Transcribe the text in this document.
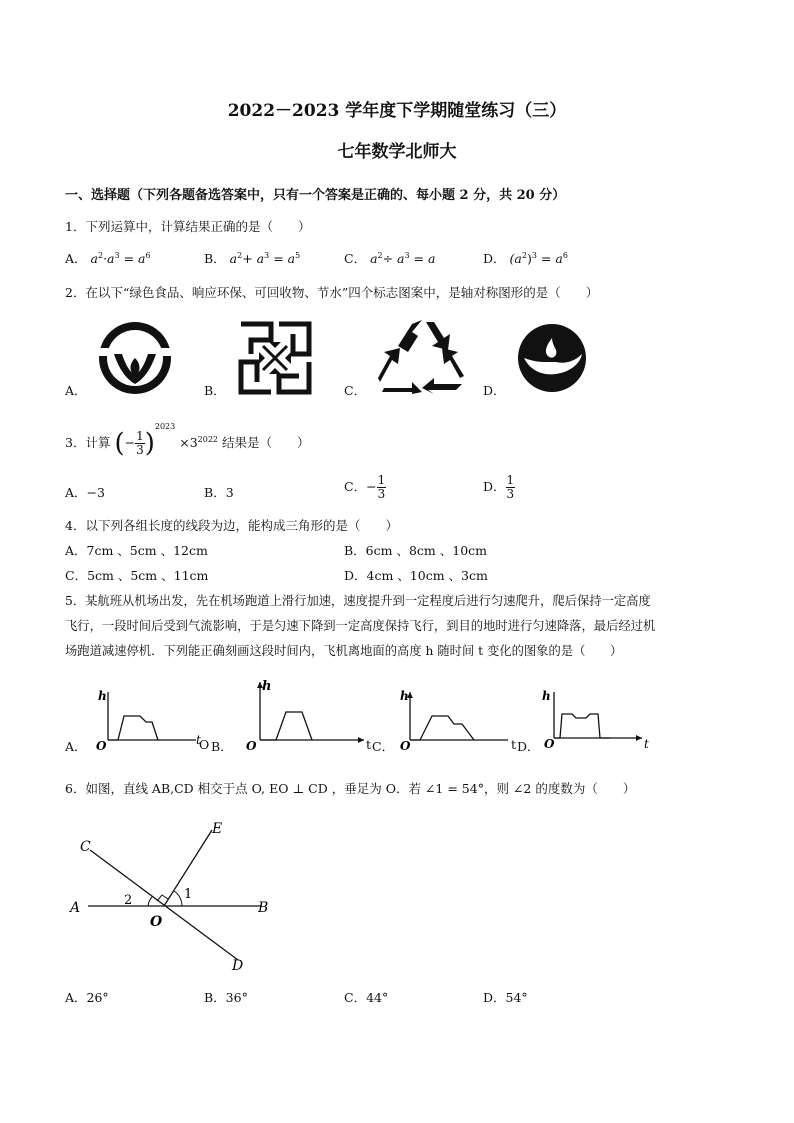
2022－2023 学年度下学期随堂练习（三）
七年数学北师大
一、选择题（下列各题备选答案中，只有一个答案是正确的、每小题 2 分，共 20 分）
1．下列运算中，计算结果正确的是（　　）
A． $a^2\cdot a^3 = a^6$	B． $a^2+ a^3 = a^5$	C． $a^2\div a^3 = a$	D． $(a^2)^3 = a^6$
2．在以下“绿色食品、响应环保、可回收物、节水”四个标志图案中，是轴对称图形的是（　　）
A．	B．	C．	D．
3．计算 (− $\frac{1}{3} )^{2023} \times 3^{2022}$ 结果是（　　）
A．−3	B．3	C．− $\frac{1}{3}$	D． $\frac{1}{3}$
4．以下列各组长度的线段为边，能构成三角形的是（　　）
A．7cm 、5cm 、12cm	B．6cm 、8cm 、10cm
C．5cm 、5cm 、11cm	D．4cm 、10cm 、3cm
5．某航班从机场出发，先在机场跑道上滑行加速，速度提升到一定程度后进行匀速爬升，爬后保持一定高度
飞行，一段时间后受到气流影响，于是匀速下降到一定高度保持飞行，到目的地时进行匀速降落，最后经过机
场跑道减速停机．下列能正确刻画这段时间内，飞机离地面的高度 h 随时间 t 变化的图象的是（　　）
h
O	t
A．	O B．
h
O	t C．
h
O	t D．
h
O	t
6．如图，直线 AB,CD 相交于点 O, EO ⊥ CD ，垂足为 O．若 ∠1 = 54°，则 ∠2 的度数为（　　）
C
E
A	B
O
D
2	1
A．26°	B．36°	C．44°	D．54°
